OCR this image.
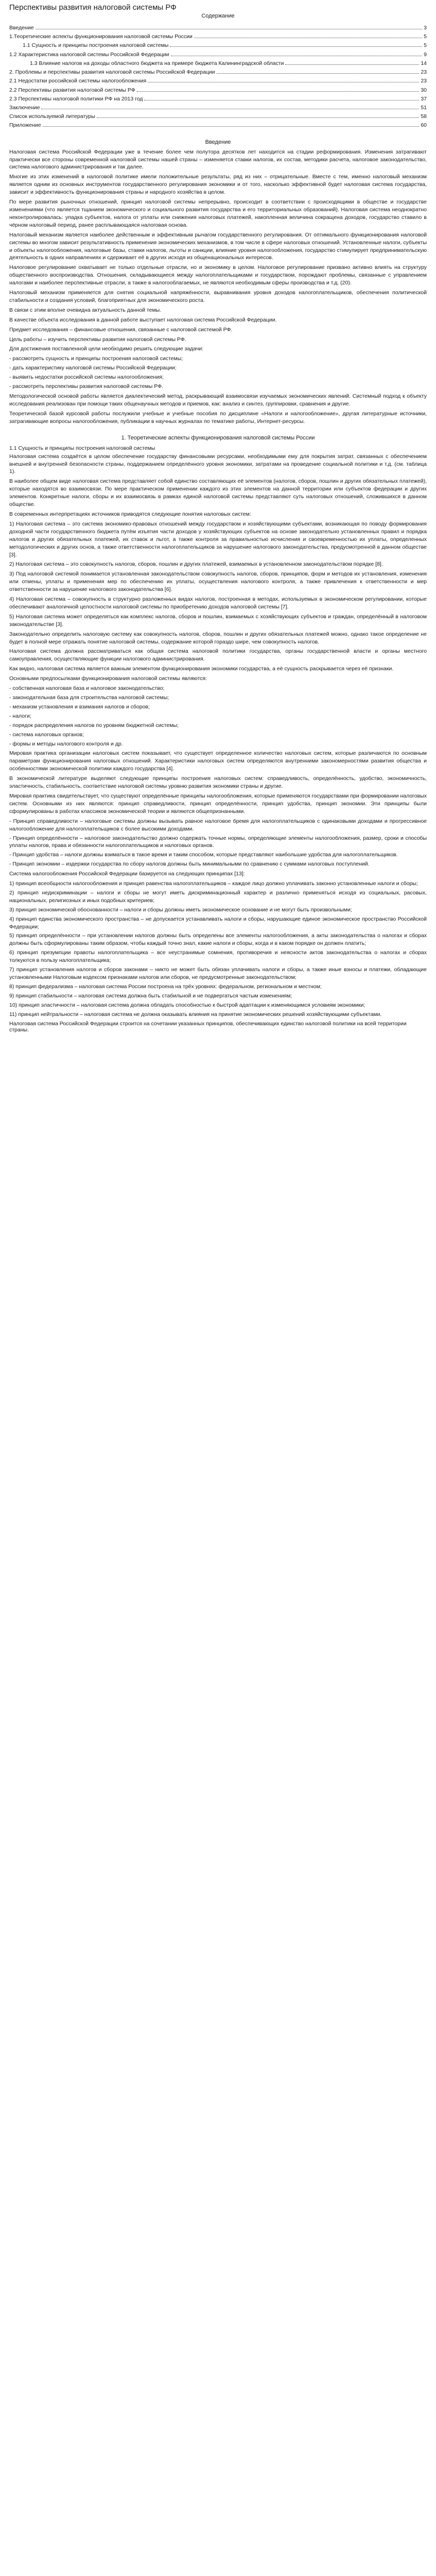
Перспективы развития налоговой системы РФ
Содержание
Введение	3
1.Теоретические аспекты функционирования налоговой системы России	5
1.1 Сущность и принципы построения налоговой системы	5
1.2 Характеристика налоговой системы Российской Федерации	9
1.3 Влияние налогов на доходы областного бюджета на примере бюджета Калининградской области	14
2. Проблемы и перспективы развития налоговой системы Российской Федерации	23
2.1 Недостатки российской системы налогообложения	23
2.2 Перспективы развития налоговой системы РФ	30
2.3 Перспективы налоговой политики РФ на 2013 год	37
Заключение	51
Список используемой литературы	58
Приложение	60
Введение

Налоговая система Российской Федерации уже в течение более чем полутора десятков лет находится на стадии реформирования. Изменения затрагивают практически все стороны современной налоговой системы нашей страны – изменяется ставки налогов, их состав, методики расчета, налоговое законодательство, система налогового администрирования и так далее.

Многие из этих изменений в налоговой политике имели положительные результаты, ряд из них – отрицательные. Вместе с тем, именно налоговый механизм является одним из основных инструментов государственного регулирования экономики и от того, насколько эффективной будет налоговая система государства, зависит и эффективность функционирования страны и народного хозяйства в целом.

По мере развития рыночных отношений, принцип налоговой системы непрерывно, происходит в соответствии с происходящими в обществе и государстве изменениями (что является тщанием экономического и социального развития государства и его территориальных образований). Налоговая система неоднократно неконтролировалась: упадка субъектов, налога от уплаты или снижения налоговых платежей, накопленная величина сокращена доходов, государство ставило в чёрном налоговый период, ранее расплывающаяся налоговая основа.

Налоговый механизм является наиболее действенным и эффективным рычагом государственного регулирования. От оптимального функционирования налоговой системы во многом зависит результативность применения экономических механизмов, в том числе в сфере налоговых отношений. Установленные налоги, субъекты и объекты налогообложения, налоговые базы, ставки налогов, льготы и санкции, влияние уровня налогообложения, государство стимулирует предпринимательскую деятельность в одних направлениях и сдерживает её в других исходя из общенациональных интересов.

Налоговое регулирование охватывает не только отдельные отрасли, но и экономику в целом. Налоговое регулирование призвано активно влиять на структуру общественного воспроизводства. Отношения, складывающиеся между налогоплательщиками и государством, порождают проблемы, связанные с управлением налогами и наиболее перспективные отрасли, а также в налогооблагаемых, не являются необходимым сферы производства и т.д. (20).

Налоговый механизм применяется для снятия социальной напряжённости, выравнивания уровня доходов налогоплательщиков, обеспечения политической стабильности и создания условий, благоприятных для экономического роста.

В связи с этим вполне очевидна актуальность данной темы.

В качестве объекта исследования в данной работе выступает налоговая система Российской Федерации.

Предмет исследования – финансовые отношения, связанные с налоговой системой РФ.

Цель работы – изучить перспективы развития налоговой системы РФ.

Для достижения поставленной цели необходимо решить следующие задачи:

- рассмотреть сущность и принципы построения налоговой системы;
- дать характеристику налоговой системы Российской Федерации;
- выявить недостатки российской системы налогообложения;
- рассмотреть перспективы развития налоговой системы РФ.

Методологической основой работы является диалектический метод, раскрывающий взаимосвязи изучаемых экономических явлений. Системный подход к объекту исследования реализован при помощи таких общенаучных методов и приемов, как: анализ и синтез, группировки, сравнения и другие.

Теоретической базой курсовой работы послужили учебные и учебные пособия по дисциплине «Налоги и налогообложение», другая литературные источники, затрагивающие вопросы налогообложения, публикации в научных журналах по тематике работы, Интернет-ресурсы.

1. Теоретические аспекты функционирования налоговой системы России
1.1 Сущность и принципы построения налоговой системы

Налоговая система создаётся в целом обеспечение государству финансовыми ресурсами, необходимыми ему для покрытия затрат, связанных с обеспечением внешней и внутренней безопасности страны, поддержанием определённого уровня экономики, затратами на проведение социальной политики и т.д. (см. таблица 1).

В наиболее общем виде налоговая система представляет собой единство составляющих её элементов (налогов, сборов, пошлин и других обязательных платежей), которые находятся во взаимосвязи. По мере практическом применении каждого из этих элементов на данной территории или субъектов федерации и других элементов. Конкретные налоги, сборы и их взаимосвязь в рамках единой налоговой системы представляют суть налоговых отношений, сложившихся в данном обществе.

В современных интерпретациях источников приводятся следующие понятия налоговых систем:

1) Налоговая система – это система экономико-правовых отношений между государством и хозяйствующими субъектами, возникающая по поводу формирования доходной части государственного бюджета путём изъятия части доходов у хозяйствующих субъектов на основе законодательно установленных правил и порядка налогов и других обязательных платежей, их ставок и льгот, а также контроля за правильностью исчисления и своевременностью их уплаты, определенных методологических и других основ, а также ответственности налогоплательщиков за нарушение налогового законодательства, предусмотренной в данном обществе [3].

2) Налоговая система – это совокупность налогов, сборов, пошлин и других платежей, взимаемых в установленном законодательством порядке [8].

3) Под налоговой системой понимается установленная законодательством совокупность налогов, сборов, принципов, форм и методов их установления, изменения или отмены, уплаты и применения мер по обеспечению их уплаты, осуществления налогового контроля, а также привлечения к ответственности и мер ответственности за нарушение налогового законодательства [6].

4) Налоговая система – совокупность в структурно разложенных видах налогов, построенная в методах, используемых в экономическом регулировании, которые обеспечивают аналогичной целостности налоговой системы по приобретению доходов налоговой системы [7].

5) Налоговая система может определяться как комплекс налогов, сборов и пошлин, взимаемых с хозяйствующих субъектов и граждан, определённый в налоговом законодательстве [3].

Законодательно определить налоговую систему как совокупность налогов, сборов, пошлин и других обязательных платежей можно, однако такое определение не будет в полной мере отражать понятие налоговой системы, содержание которой гораздо шире, чем совокупность налогов.

Налоговая система должна рассматриваться как общая система налоговой политики государства, органы государственной власти и органы местного самоуправления, осуществляющие функции налогового администрирования.

Как видно, налоговая система является важным элементом функционирования экономики государства, а её сущность раскрывается через её признаки.

Основными предпосылками функционирования налоговой системы являются:

- собственная налоговая база и налоговое законодательство;
- законодательная база для строительства налоговой системы;
- механизм установления и взимания налогов и сборов;
- налоги;
- порядок распределения налогов по уровням бюджетной системы;
- система налоговых органов;
- формы и методы налогового контроля и др.

Мировая практика организации налоговых систем показывает, что существует определенное количество налоговых систем, которые различаются по основным параметрам функционирования налоговых отношений. Характеристики налоговых систем определяются внутренними закономерностями развития общества и особенностями экономической политики каждого государства [4].

В экономической литературе выделяют следующие принципы построения налоговых систем: справедливость, определённость, удобство, экономичность, эластичность, стабильность, соответствие налоговой системы уровню развития экономики страны и другие.

Мировая практика свидетельствует, что существуют определённые принципы налогообложения, которые применяются государствами при формировании налоговых систем. Основными из них являются: принцип справедливости, принцип определённости, принцип удобства, принцип экономии. Эти принципы были сформулированы в работах классиков экономической теории и являются общепризнанными.

- Принцип справедливости – налоговые системы должны вызывать равное налоговое бремя для налогоплательщиков с одинаковыми доходами и прогрессивное налогообложение для налогоплательщиков с более высокими доходами.
- Принцип определённости – налоговое законодательство должно содержать точные нормы, определяющие элементы налогообложения, размер, сроки и способы уплаты налогов, права и обязанности налогоплательщиков и налоговых органов.
- Принцип удобства – налоги должны взиматься в такое время и таким способом, которые представляют наибольшие удобства для налогоплательщиков.
- Принцип экономии – издержки государства по сбору налогов должны быть минимальными по сравнению с суммами налоговых поступлений.

Система налогообложения Российской Федерации базируется на следующих принципах [13]:

1) принцип всеобщности налогообложения и принцип равенства налогоплательщиков – каждое лицо должно уплачивать законно установленные налоги и сборы;
2) принцип недискриминации – налоги и сборы не могут иметь дискриминационный характер и различно применяться исходя из социальных, расовых, национальных, религиозных и иных подобных критериев;
3) принцип экономической обоснованности – налоги и сборы должны иметь экономическое основание и не могут быть произвольными;
4) принцип единства экономического пространства – не допускается устанавливать налоги и сборы, нарушающие единое экономическое пространство Российской Федерации;
5) принцип определённости – при установлении налогов должны быть определены все элементы налогообложения, а акты законодательства о налогах и сборах должны быть сформулированы таким образом, чтобы каждый точно знал, какие налоги и сборы, когда и в каком порядке он должен платить;
6) принцип презумпции правоты налогоплательщика – все неустранимые сомнения, противоречия и неясности актов законодательства о налогах и сборах толкуются в пользу налогоплательщика;
7) принцип установления налогов и сборов законами – никто не может быть обязан уплачивать налоги и сборы, а также иные взносы и платежи, обладающие установленными Налоговым кодексом признаками налогов или сборов, не предусмотренные законодательством;
8) принцип федерализма – налоговая система России построена на трёх уровнях: федеральном, региональном и местном;
9) принцип стабильности – налоговая система должна быть стабильной и не подвергаться частым изменениям;
10) принцип эластичности – налоговая система должна обладать способностью к быстрой адаптации к изменяющимся условиям экономики;
11) принцип нейтральности – налоговая система не должна оказывать влияния на принятие экономических решений хозяйствующими субъектами.

Налоговая система Российской Федерации строится на сочетании указанных принципов, обеспечивающих единство налоговой политики на всей территории страны.
